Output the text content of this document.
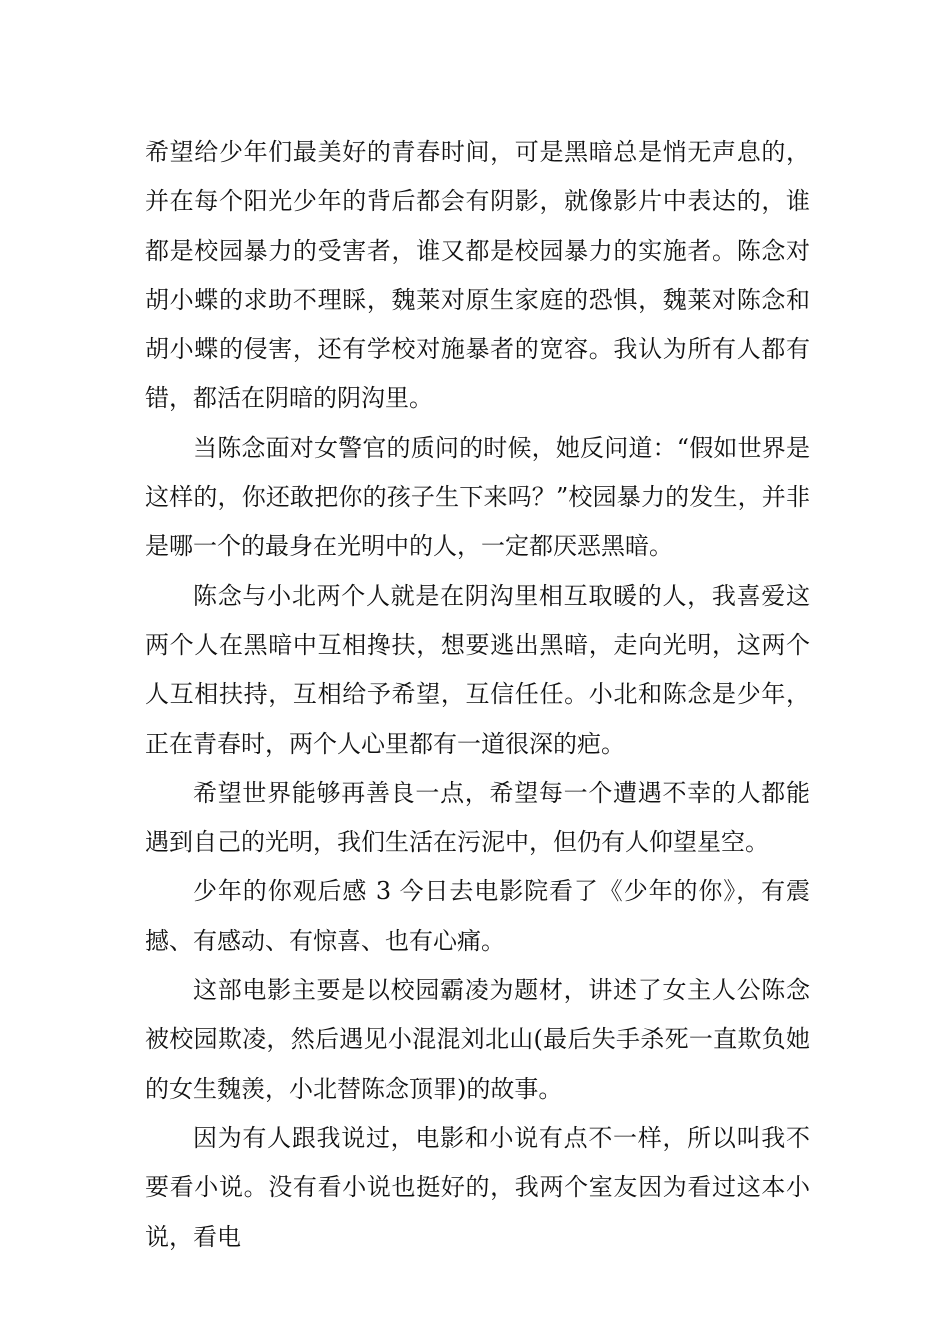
希望给少年们最美好的青春时间，可是黑暗总是悄无声息的，并在每个阳光少年的背后都会有阴影，就像影片中表达的，谁都是校园暴力的受害者，谁又都是校园暴力的实施者。陈念对胡小蝶的求助不理睬，魏莱对原生家庭的恐惧，魏莱对陈念和胡小蝶的侵害，还有学校对施暴者的宽容。我认为所有人都有错，都活在阴暗的阴沟里。

当陈念面对女警官的质问的时候，她反问道：“假如世界是这样的，你还敢把你的孩子生下来吗？”校园暴力的发生，并非是哪一个的最身在光明中的人，一定都厌恶黑暗。

陈念与小北两个人就是在阴沟里相互取暖的人，我喜爱这两个人在黑暗中互相搀扶，想要逃出黑暗，走向光明，这两个人互相扶持，互相给予希望，互信任任。小北和陈念是少年，正在青春时，两个人心里都有一道很深的疤。

希望世界能够再善良一点，希望每一个遭遇不幸的人都能遇到自己的光明，我们生活在污泥中，但仍有人仰望星空。

少年的你观后感 3 今日去电影院看了《少年的你》，有震撼、有感动、有惊喜、也有心痛。

这部电影主要是以校园霸凌为题材，讲述了女主人公陈念被校园欺凌，然后遇见小混混刘北山(最后失手杀死一直欺负她的女生魏羡，小北替陈念顶罪)的故事。

因为有人跟我说过，电影和小说有点不一样，所以叫我不要看小说。没有看小说也挺好的，我两个室友因为看过这本小说，看电
